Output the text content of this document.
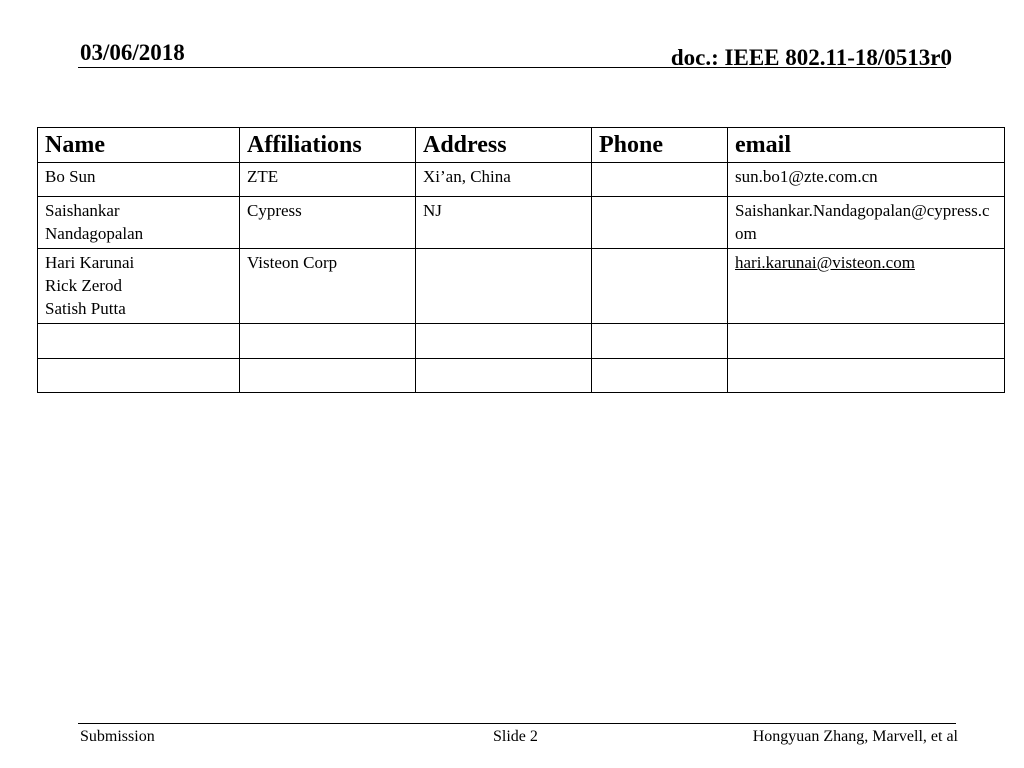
03/06/2018	doc.: IEEE 802.11-18/0513r0
Name	Affiliations	Address	Phone	email

Bo Sun	ZTE	Xi’an, China		sun.bo1@zte.com.cn

Saishankar
Nandagopalan	Cypress	NJ		Saishankar.Nandagopalan@cypress.com

Hari Karunai
Rick Zerod
Satish Putta	Visteon Corp			hari.karunai@visteon.com

Submission	Slide 2	Hongyuan Zhang, Marvell, et al
